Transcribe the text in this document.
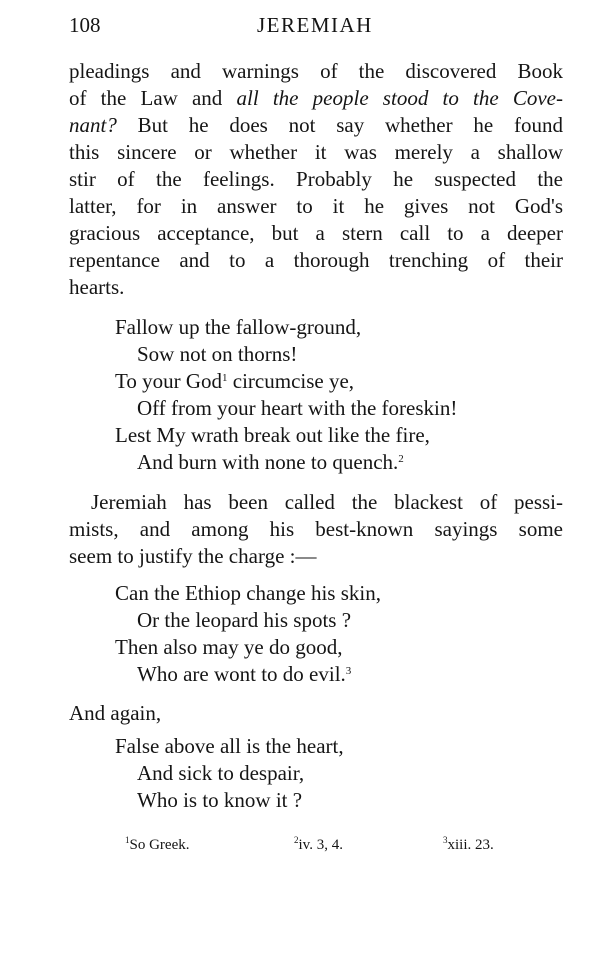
108	JEREMIAH
pleadings and warnings of the discovered Book
of the Law and all the people stood to the Cove-
nant? But he does not say whether he found
this sincere or whether it was merely a shallow
stir of the feelings. Probably he suspected the
latter, for in answer to it he gives not God's
gracious acceptance, but a stern call to a deeper
repentance and to a thorough trenching of their
hearts.
Fallow up the fallow-ground,
Sow not on thorns!
To your God$^1$ circumcise ye,
Off from your heart with the foreskin!
Lest My wrath break out like the fire,
And burn with none to quench.$^2$
Jeremiah has been called the blackest of pessi-
mists, and among his best-known sayings some
seem to justify the charge :—
Can the Ethiop change his skin,
Or the leopard his spots ?
Then also may ye do good,
Who are wont to do evil.$^3$
And again,
False above all is the heart,
And sick to despair,
Who is to know it ?
$^1$So Greek.	$^2$iv. 3, 4.	$^3$xiii. 23.
